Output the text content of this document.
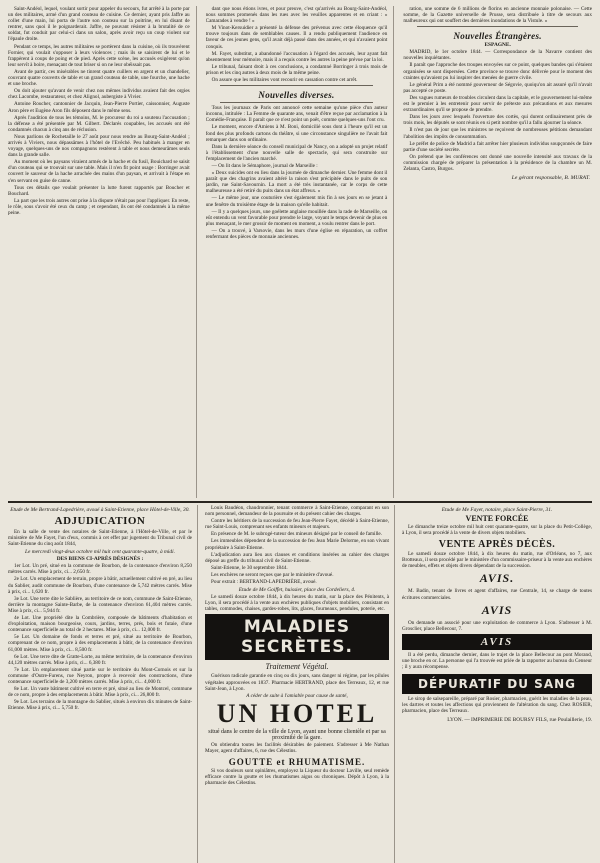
Saint-Andéol, lequel, voulant sortir pour appeler du secours, fut arrêté à la porte par un des militaires, armé d'un grand couteau de cuisine. Ce dernier, ayant pris Jaffre au collet d'une main, lui porta de l'autre son couteau sur la poitrine, en lui disant de rentrer, sans quoi il le poignarderait. Jaffre, ne pouvant résister à la brutalité de ce soldat, fut conduit par celui-ci dans un salon, après avoir reçu un coup violent sur l'épaule droite.

Pendant ce temps, les autres militaires se portèrent dans la cuisine, où ils trouvèrent Fornier, qui voulait s'opposer à leurs violences ; mais ils se saisirent de lui et le frappèrent à coups de poing et de pied. Après cette scène, les accusés exigèrent qu'on leur servît à boire, menaçant de tout briser si on ne leur obéissait pas.

Avant de partir, ces misérables ne tinrent quatre cuillers en argent et un chandelier, couvrant quatre couverts de table et un grand couteau de table, une fourche, une hache et une broche.

On doit ajouter qu'avant de venir chez nos mêmes individus avaient fait des orgies chez Lacombe, restaurateur, et chez Alignol, aubergiste à Vivier.

Antoine Roucher, cantonnier de Jacquin, Jean-Pierre Portier, caissonnier, Auguste Aron père et Eugène Aron fils déposent dans le même sens.

Après l'audition de tous les témoins, M. le procureur du roi a soutenu l'accusation ; la défense a été présentée par M. Gilbert. Déclarés coupables, les accusés ont été condamnés chacun à cinq ans de réclusion.

Nous parlions de Rochetaille le 27 août pour nous rendre au Bourg-Saint-Andéol ; arrivés à Viviers, nous dépassâmes à l'hôtel de l'Evêché. Peu habitués à manger en voyage, quelques-uns de nos compagnons restèrent à table et nous demeurâmes seuls dans la grande salle.

Au moment où les paysans viraient armés de la hache et du fusil, Bouichard se saisit d'un couteau qui se trouvait sur une table. Mais il n'en fit point usage : Borringer avait couvert le sauveur de la hache arrachée des mains d'un paysan, et arrivait à l'étape en s'en servant en guise de canne.

Tous ces détails que voulait présenter la lutte furent rapportés par Boucher et Bouchard.

La part que les trois autres ont prise à la dispute n'était pas pour l'appliquer. En reste, le rôle, sous s'avoir été ceux du camp ; et cependant, ils ont été condamnés à la même peine.

dant que nous étions ivres, et pour preuve, c'est qu'arrivés au Bourg-Saint-Andéol, nous sommes promenés dans les rues avec les veuilles apparentes et en criant : « Camarades à vendre ! »

M Vinot-Kersuidier a présenté la défense des prévenus avec cette éloquence qu'il trouve toujours dans de semblables causes. Il a rendu publiquement l'audience en faveur de ces jeunes gens, qu'il avait déjà passé dans des années, et qui n'avaient point conquis.

M. Fayet, substitut, a abandonné l'accusation à l'égard des accusés, leur ayant fait absentement leur mémoire, mais il a requis contre les autres la peine prévue par la loi.

Le tribunal, faisant droit à ces conclusions, a condamné Borringer à trois mois de prison et les cinq autres à deux mois de la même peine.

On assure que les militaires vont recourir en cassation contre cet arrêt.

Nouvelles diverses.

Tous les journaux de Paris ont annoncé cette semaine qu'une pièce d'un auteur inconnu, intitulée : La Femme de quarante ans, venait d'être reçue par acclamation à la Comédie-Française. Il paraît que ce n'est point un poêt, comme quelques-uns l'ont cru.

Le moment, encore d'Amiens à M. Boni, domicilié sous dont à l'heure qu'il est un fond des plus profonds cartons du théâtre, si une circonstance singulière ne l'avait fait remarquer dans son ordinaire.

Dans la dernière séance du conseil municipal de Nancy, on a adopté un projet relatif à l'établissement d'une nouvelle salle de spectacle, qui sera construite sur l'emplacement de l'ancien marché.

— On lit dans le Sémaphore, journal de Marseille :

« Deux suicides ont eu lieu dans la journée de dimanche dernier. Une femme dont il paraît que des chagrins avaient altéré la raison s'est précipitée dans le puits de son jardin, rue Saint-Savournin. La mort a été très instantanée, car le corps de cette malheureuse a été retiré du puits dans un état affreux. »

— Le même jour, une couturière s'est également mis fin à ses jours en se jetant à une fenêtre du troisième étage de la maison qu'elle habitait.

— Il y a quelques jours, une goélette anglaise mouillée dans la rade de Marseille, on eût entendu un vent favorable pour prendre le large, voyant le temps devenir de plus en plus menaçant, le mer grossir de moment en moment, a voulu rentrer dans le port.

— On a trouvé, à Varsovie, dans les murs d'une église en réparation, un coffret renfermant des pièces de monnaie anciennes.

ration, une somme de 6 millions de florins en ancienne monnaie polonaise. — Cette somme, de la Gazette universelle de Prusse, sera distribuée à titre de secours aux malheureux qui ont souffert des dernières inondations de la Vistule. »

Nouvelles Étrangères.
ESPAGNE.

MADRID, le 1er octobre 1844. — Correspondance de la Navarre contient des nouvelles inquiétantes.

Il paraît que l'approche des troupes envoyées sur ce point, quelques bandes qui s'étaient organisées se sont dispersées. Cette province se trouve donc délivrée pour le moment des craintes qu'avaient pu lui inspirer des menées de guerre civile.

Le général Prim a été nommé gouverneur de Ségovie, quoiqu'on ait assuré qu'il n'avait pas accepté ce poste.

Des vagues rumeurs de troubles circulent dans la capitale, et le gouvernement lui-même est le premier à les entretenir pour servir de prétexte aux précautions et aux mesures extraordinaires qu'il se propose de prendre.

Dans les jours avec lesquels l'ouverture des cortès, qui durent ordinairement près de trois mois, les députés se sont réunis en si petit nombre qu'il a fallu ajourner la séance.

Il n'est pas de jour que les ministres ne reçoivent de nombreuses pétitions demandant l'abolition des impôts de consommation.

Le préfet de police de Madrid a fait arrêter hier plusieurs individus soupçonnés de faire partie d'une société secrète.

On prétend que les conférences ont donné une nouvelle intensité aux travaux de la commission chargée de préparer la présentation à la présidence de la chambre un M. Zelanta, Castro, Burgos.

Le gérant responsable, B. MURAT.
Etude de Me Bertrand-Lapedrière, avoué à Saint-Etienne, place Hôtel-de-Ville, 30.
ADJUDICATION

En la salle de vente des notaires de Saint-Etienne, à l'Hôtel-de-Ville, et par le ministère de Me Fayet, l'un d'eux, commis à cet effet par jugement du Tribunal civil de Saint-Etienne du cinq août 1844,

Le mercredi vingt-deux octobre mil huit cent quarante-quatre, à midi.
DES BIENS CI-APRÈS DÉSIGNÉS :

1er Lot. Un pré, situé en la commune de Bourbon, de la contenance d'environ 8,250 mètres carrés. Mise à prix, ci... 2,650 fr.

2e Lot. Un emplacement de terrain, propre à bâtir, actuellement cultivé en pré, au lieu du Sablier, audit commune de Bourbon, d'une contenance de 5,742 mètres carrés. Mise à prix, ci... 1,620 fr.

3e Lot. Une terre dite le Sablière, au territoire de ce nom, commune de Saint-Etienne, derrière la montagne Sainte-Barbe, de la contenance d'environ 61,404 mètres carrés. Mise à prix, ci... 5,944 fr.

4e Lot. Une propriété dite la Combrière, composée de bâtiments d'habitation et d'exploitation, maison bourgeoise, cours, jardins, terres, prés, bois et futaie, d'une contenance superficielle au total de 2 hectares. Mise à prix, ci... 12,000 fr.

5e Lot. Un domaine de fonds et terres et pré, situé au territoire de Bourbon, comprenant de ce nom, propre à des emplacements à bâtir, de la contenance d'environ 61,000 mètres. Mise à prix, ci... 8,500 fr.

6e Lot. Une terre dite de Gratte-Lorte, au même territoire, de la contenance d'environ 44,120 mètres carrés. Mise à prix, ci... 6,380 fr.

7e Lot. Un emplacement situé partie sur le territoire du Mont-Cornois et sur la commune d'Outre-Furens, rue Neyron, propre à recevoir des constructions, d'une contenance superficielle de 3,200 mètres carrés. Mise à prix, ci... 4,000 fr.

8e Lot. Un vaste bâtiment cultivé en terre et pré, situé au lieu de Montcel, commune de ce nom, propre à des emplacements à bâtir. Mise à prix, ci... 26,800 fr.

9e Lot. Les terrains de la montagne du Sablier, situés à environ dix minutes de Saint-Etienne. Mise à prix, ci... 5,750 fr.

Louis Baudéon, chaudronnier, tenant commerce à Saint-Etienne, comparant en son nom personnel, demandeur de la poursuite et du présent cahier des charges.

Contre les héritiers de la succession de feu Jean-Pierre Fayet, décédé à Saint-Etienne, rue Saint-Louis, comprenant ses enfants mineurs et majeurs.

En présence de M. le subrogé-tuteur des mineurs désigné par le conseil de famille.

Les immeubles dépendent de la succession de feu Jean Marie Delorme, en son vivant propriétaire à Saint-Etienne.

L'adjudication aura lieu aux clauses et conditions insérées au cahier des charges déposé au greffe du tribunal civil de Saint-Etienne.

Saint-Etienne, le 30 septembre 1844.

Les enchères ne seront reçues que par le ministère d'avoué.

Pour extrait : BERTRAND-LAPEDRIÈRE, avoué.

Etude de Me Goiffet, huissier, place des Cordeliers, 4.

Le samedi douze octobre 1844, à dix heures du matin, sur la place des Pénitents, à Lyon, il sera procédé à la vente aux enchères publiques d'objets mobiliers, consistant en tables, commodes, chaises, gardes-robes, lits, glaces, fourneaux, pendules, poterie, etc.

MALADIES SECRÈTES.
Traitement Végétal.

Guérison radicale garantie en cinq ou dix jours, sans danger ni régime, par les pilules végétales approuvées en 1837. Pharmacie HERTRAND, place des Terreaux, 12, et rue Saint-Jean, à Lyon.

A céder de suite à l'amiable pour cause de santé,

UN HOTEL
situé dans le centre de la ville de Lyon, ayant une bonne clientèle et par sa proximité de la gare.

On obtiendra toutes les facilités désirables de paiement. S'adresser à Me Nathan Mayer, agent d'affaires, 6, rue des Célestins.

GOUTTE et RHUMATISME.

Si vos douleurs sont opiniâtres, employez la Liqueur du docteur Laville, seul remède efficace contre la goutte et les rhumatismes aigus ou chroniques. Dépôt à Lyon, à la pharmacie des Célestins.

Etude de Me Fayet, notaire, place Saint-Pierre, 31.
VENTE FORCÉE

Le dimanche treize octobre mil huit cent quarante-quatre, sur la place du Petit-Collège, à Lyon, il sera procédé à la vente de divers objets mobiliers.

VENTE APRÈS DÉCÈS.

Le samedi douze octobre 1844, à dix heures du matin, rue d'Orléans, no 7, aux Brotteaux, il sera procédé par le ministère d'un commissaire-priseur à la vente aux enchères de meubles, effets et objets divers dépendant de la succession.

AVIS.

M. Badin, tenant de livres et agent d'affaires, rue Centrale, 14, se charge de toutes écritures commerciales.

AVIS

On demande un associé pour une exploitation de commerce à Lyon. S'adresser à M. Grosclier, place Bellecour, 7.

AVIS

Il a été perdu, dimanche dernier, dans le trajet de la place Bellecour au pont Morand, une broche en or. La personne qui l'a trouvée est priée de la rapporter au bureau du Censeur ; il y aura récompense.

DÉPURATIF DU SANG

Le sirop de salsepareille, préparé par Rosier, pharmacien, guérit les maladies de la peau, les dartres et toutes les affections qui proviennent de l'altération du sang. Chez ROSIER, pharmacien, place des Terreaux.

LYON. — IMPRIMERIE DE BOURSY FILS, rue Poulaillerie, 19.
